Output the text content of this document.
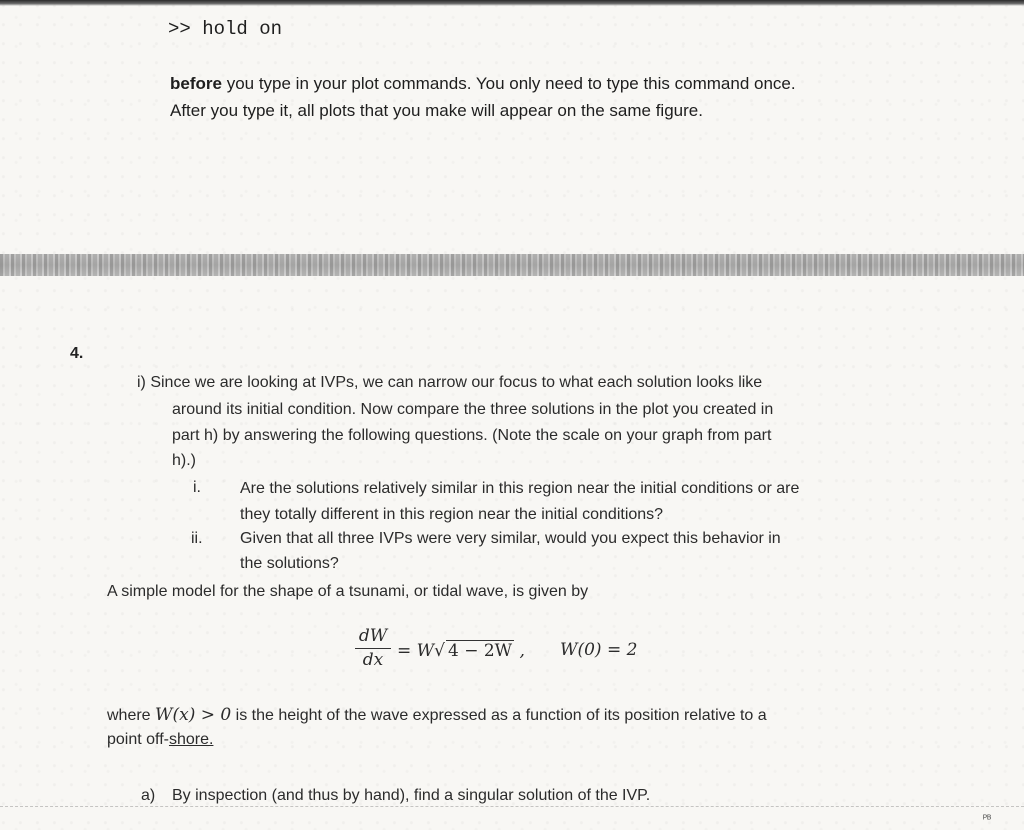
>> hold on
before you type in your plot commands. You only need to type this command once.
After you type it, all plots that you make will appear on the same figure.
4.
i) Since we are looking at IVPs, we can narrow our focus to what each solution looks like
around its initial condition. Now compare the three solutions in the plot you created in
part h) by answering the following questions. (Note the scale on your graph from part
h).)
i. Are the solutions relatively similar in this region near the initial conditions or are
they totally different in this region near the initial conditions?
ii. Given that all three IVPs were very similar, would you expect this behavior in
the solutions?
A simple model for the shape of a tsunami, or tidal wave, is given by
dW
dx = W√ 4 − 2W , W(0) = 2
where W(x) > 0 is the height of the wave expressed as a function of its position relative to a
point off-shore.
a) By inspection (and thus by hand), find a singular solution of the IVP.
ᴾᴮ
